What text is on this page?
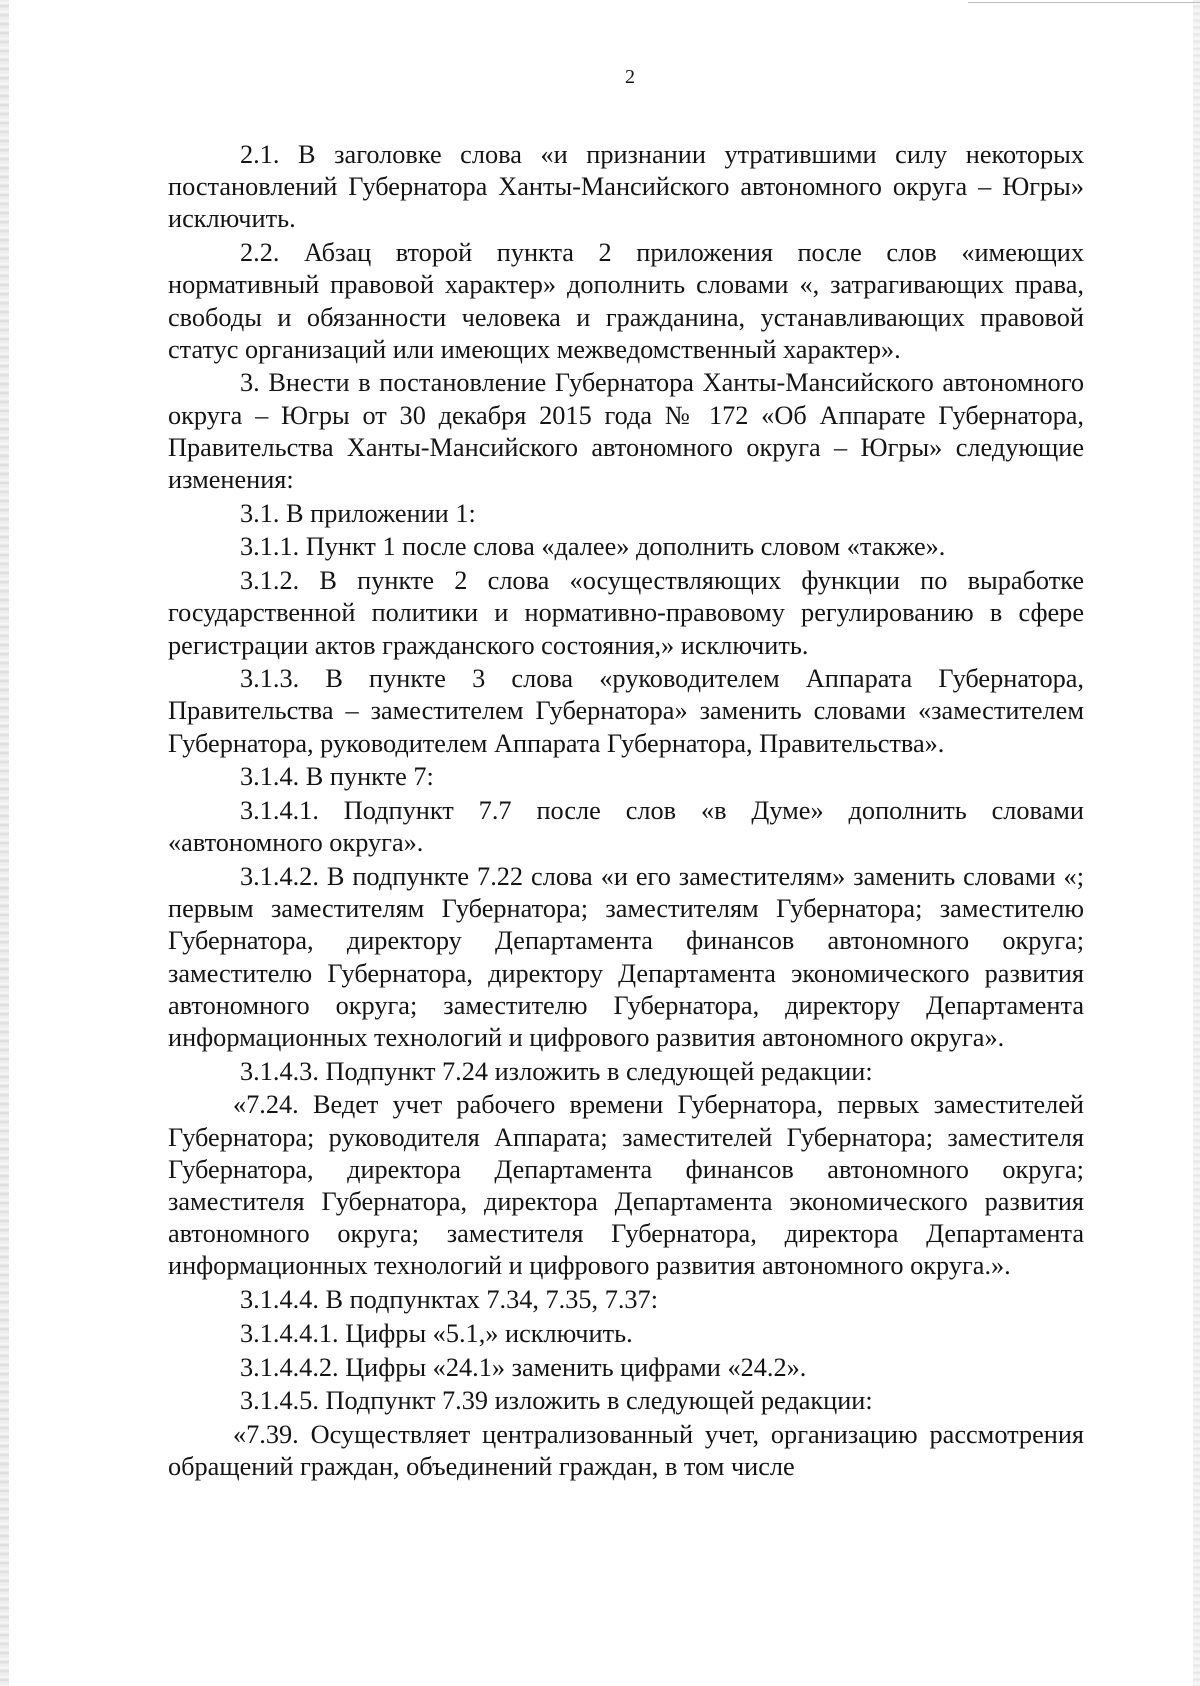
2

2.1. В заголовке слова «и признании утратившими силу некоторых постановлений Губернатора Ханты-Мансийского автономного округа – Югры» исключить.

2.2. Абзац второй пункта 2 приложения после слов «имеющих нормативный правовой характер» дополнить словами «, затрагивающих права, свободы и обязанности человека и гражданина, устанавливающих правовой статус организаций или имеющих межведомственный характер».

3. Внести в постановление Губернатора Ханты-Мансийского автономного округа – Югры от 30 декабря 2015 года № 172 «Об Аппарате Губернатора, Правительства Ханты-Мансийского автономного округа – Югры» следующие изменения:

3.1. В приложении 1:

3.1.1. Пункт 1 после слова «далее» дополнить словом «также».

3.1.2. В пункте 2 слова «осуществляющих функции по выработке государственной политики и нормативно-правовому регулированию в сфере регистрации актов гражданского состояния,» исключить.

3.1.3. В пункте 3 слова «руководителем Аппарата Губернатора, Правительства – заместителем Губернатора» заменить словами «заместителем Губернатора, руководителем Аппарата Губернатора, Правительства».

3.1.4. В пункте 7:

3.1.4.1. Подпункт 7.7 после слов «в Думе» дополнить словами «автономного округа».

3.1.4.2. В подпункте 7.22 слова «и его заместителям» заменить словами «; первым заместителям Губернатора; заместителям Губернатора; заместителю Губернатора, директору Департамента финансов автономного округа; заместителю Губернатора, директору Департамента экономического развития автономного округа; заместителю Губернатора, директору Департамента информационных технологий и цифрового развития автономного округа».

3.1.4.3. Подпункт 7.24 изложить в следующей редакции:

«7.24. Ведет учет рабочего времени Губернатора, первых заместителей Губернатора; руководителя Аппарата; заместителей Губернатора; заместителя Губернатора, директора Департамента финансов автономного округа; заместителя Губернатора, директора Департамента экономического развития автономного округа; заместителя Губернатора, директора Департамента информационных технологий и цифрового развития автономного округа.».

3.1.4.4. В подпунктах 7.34, 7.35, 7.37:

3.1.4.4.1. Цифры «5.1,» исключить.

3.1.4.4.2. Цифры «24.1» заменить цифрами «24.2».

3.1.4.5. Подпункт 7.39 изложить в следующей редакции:

«7.39. Осуществляет централизованный учет, организацию рассмотрения обращений граждан, объединений граждан, в том числе
